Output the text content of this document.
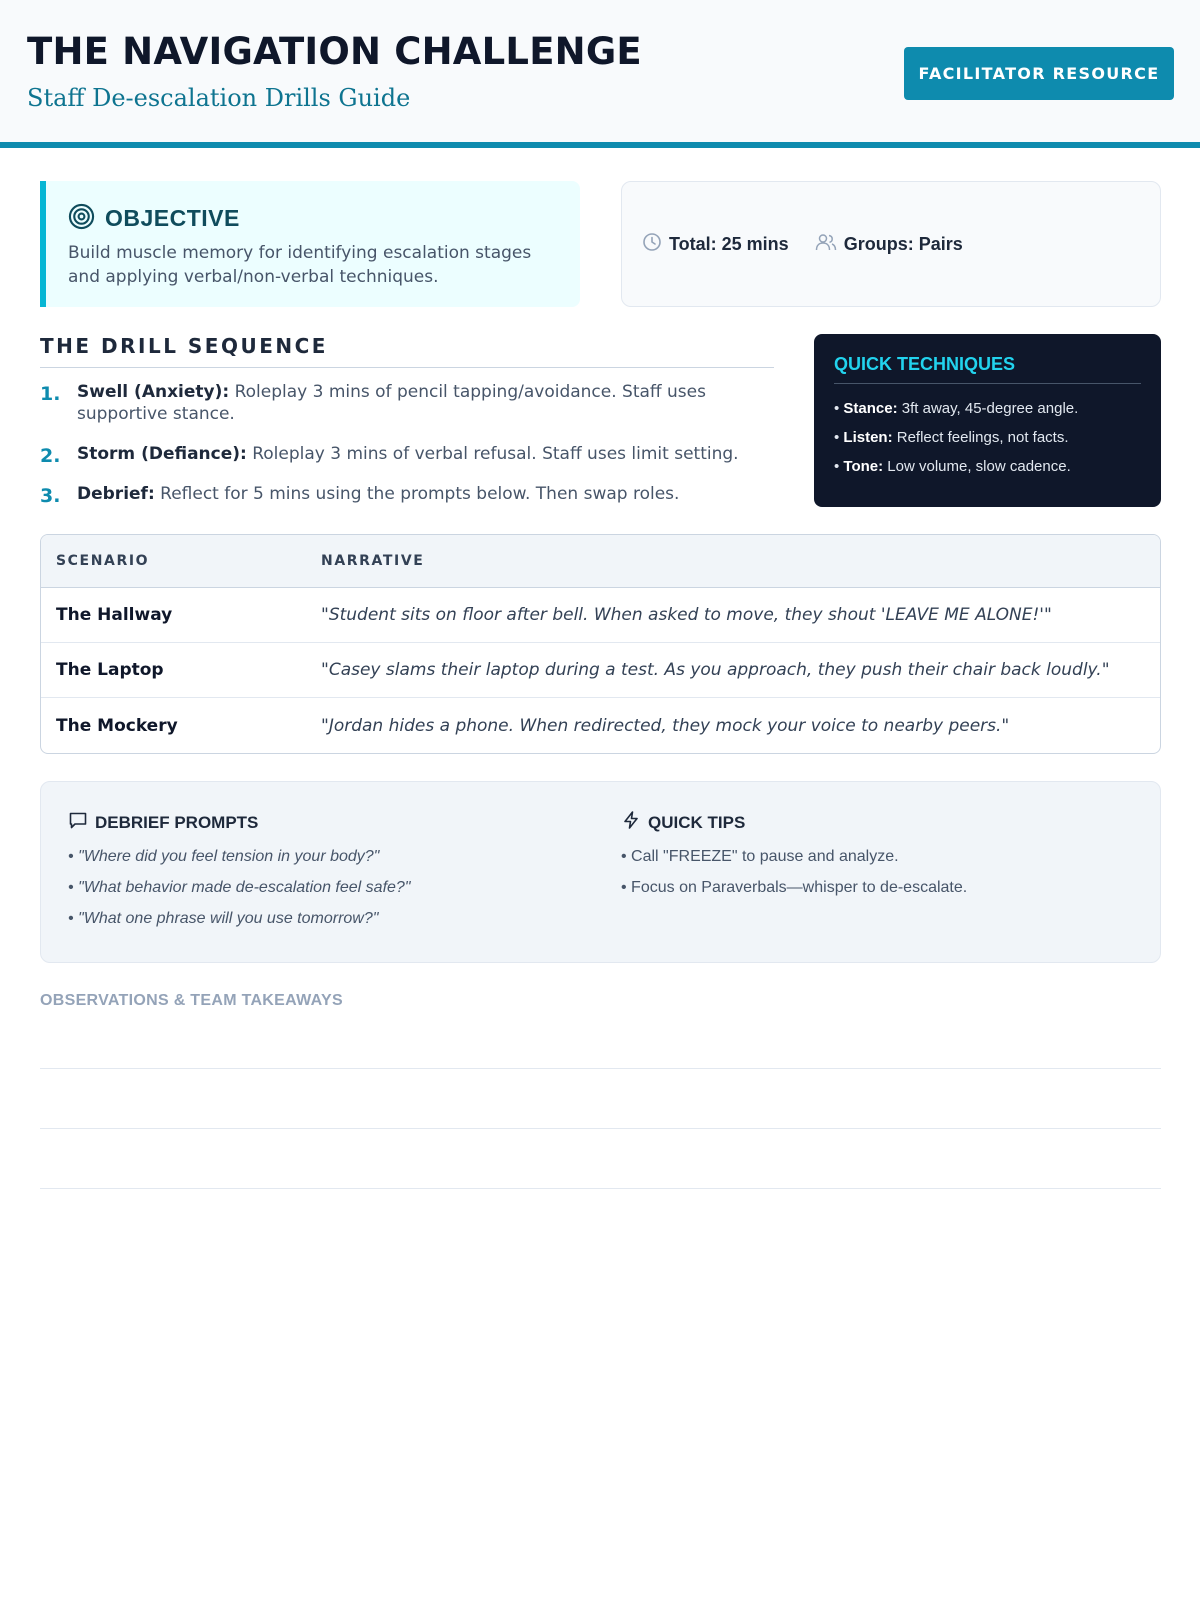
THE NAVIGATION CHALLENGE
Staff De-escalation Drills Guide
FACILITATOR RESOURCE
OBJECTIVE
Build muscle memory for identifying escalation stages and applying verbal/non-verbal techniques.
Total: 25 mins	Groups: Pairs
THE DRILL SEQUENCE
1. Swell (Anxiety): Roleplay 3 mins of pencil tapping/avoidance. Staff uses supportive stance.
2. Storm (Defiance): Roleplay 3 mins of verbal refusal. Staff uses limit setting.
3. Debrief: Reflect for 5 mins using the prompts below. Then swap roles.
QUICK TECHNIQUES
• Stance: 3ft away, 45-degree angle.
• Listen: Reflect feelings, not facts.
• Tone: Low volume, slow cadence.
SCENARIO	NARRATIVE
The Hallway	"Student sits on floor after bell. When asked to move, they shout 'LEAVE ME ALONE!'"
The Laptop	"Casey slams their laptop during a test. As you approach, they push their chair back loudly."
The Mockery	"Jordan hides a phone. When redirected, they mock your voice to nearby peers."
DEBRIEF PROMPTS
• "Where did you feel tension in your body?"
• "What behavior made de-escalation feel safe?"
• "What one phrase will you use tomorrow?"
QUICK TIPS
• Call "FREEZE" to pause and analyze.
• Focus on Paraverbals—whisper to de-escalate.
OBSERVATIONS & TEAM TAKEAWAYS
